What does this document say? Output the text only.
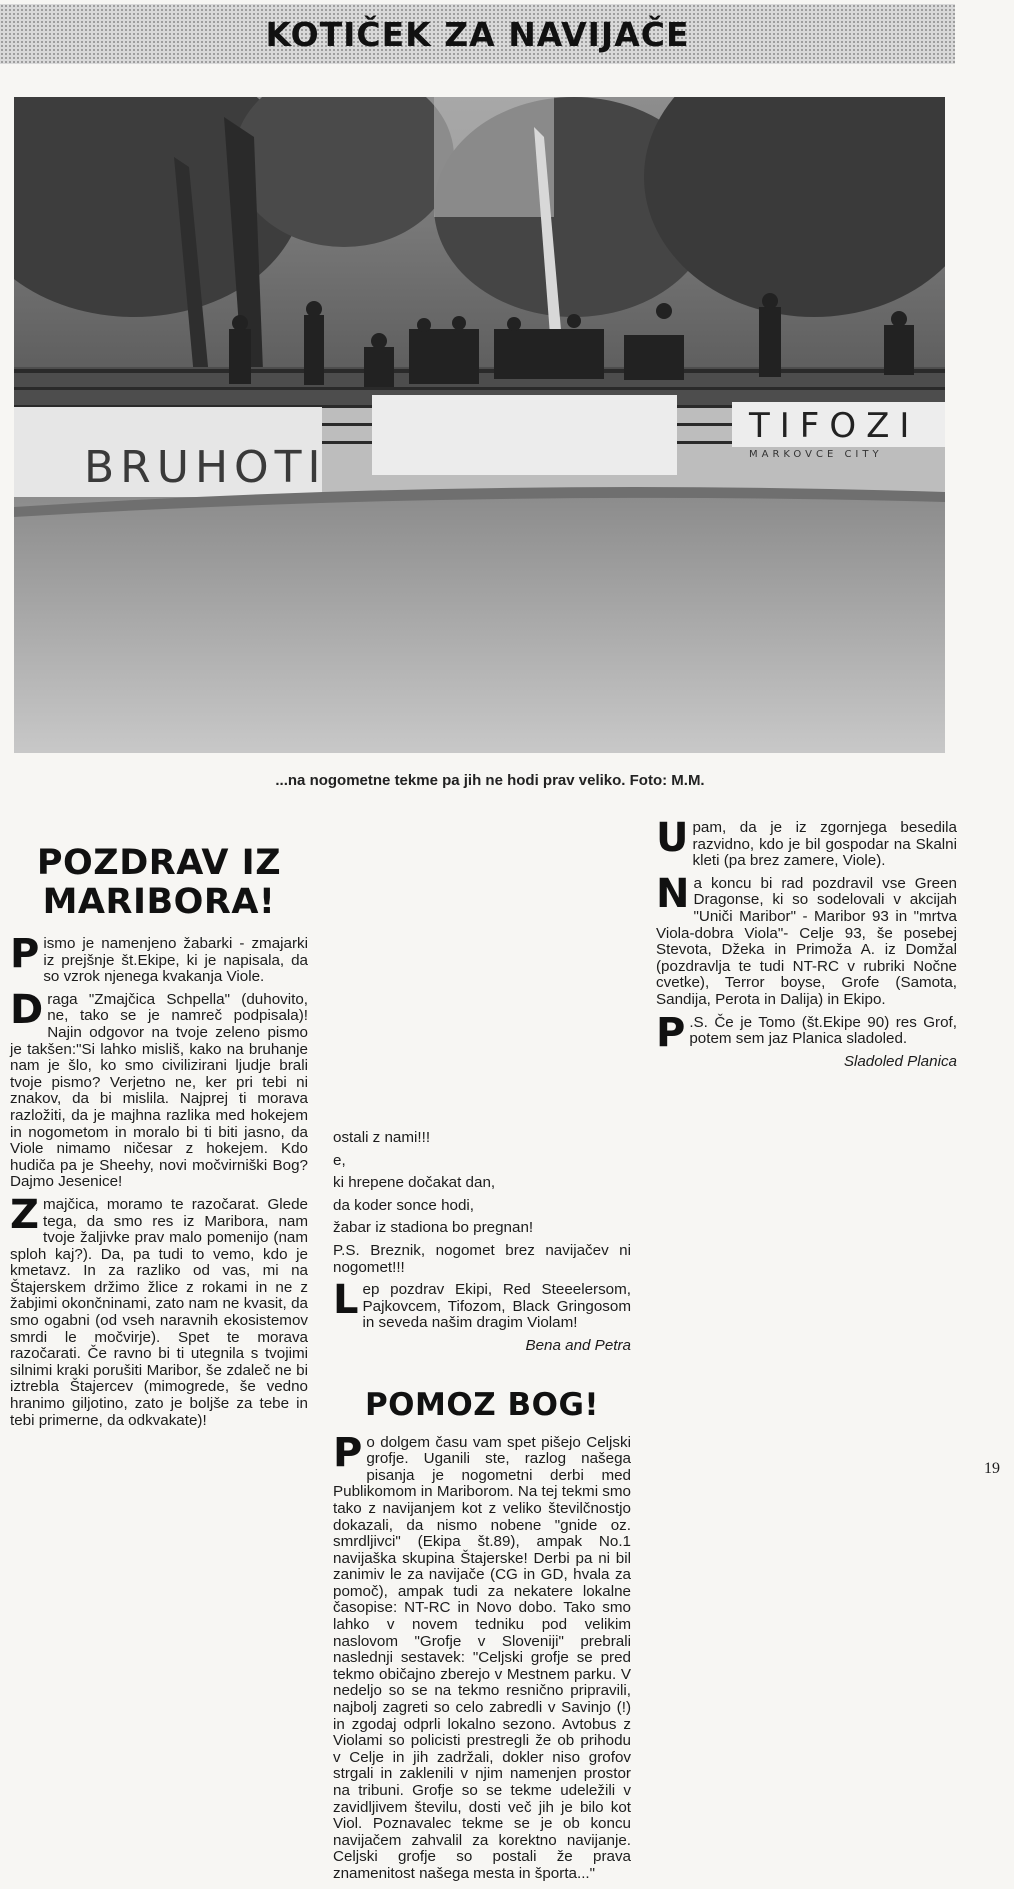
KOTIČEK ZA NAVIJAČE
BRUHOTI
TIFOZI
MARKOVCE CITY
...na nogometne tekme pa jih ne hodi prav veliko. Foto: M.M.
POZDRAV IZ MARIBORA!

Pismo je namenjeno žabarki - zmajarki iz prejšnje št.Ekipe, ki je napisala, da so vzrok njenega kvakanja Viole.

Draga "Zmajčica Schpella" (duhovito, ne, tako se je namreč podpisala)! Najin odgovor na tvoje zeleno pismo je takšen:"Si lahko misliš, kako na bruhanje nam je šlo, ko smo civilizirani ljudje brali tvoje pismo? Verjetno ne, ker pri tebi ni znakov, da bi mislila. Najprej ti morava razložiti, da je majhna razlika med hokejem in nogometom in moralo bi ti biti jasno, da Viole nimamo ničesar z hokejem. Kdo hudiča pa je Sheehy, novi močvirniški Bog? Dajmo Jesenice!

Zmajčica, moramo te razočarat. Glede tega, da smo res iz Maribora, nam tvoje žaljivke prav malo pomenijo (nam sploh kaj?). Da, pa tudi to vemo, kdo je kmetavz. In za razliko od vas, mi na Štajerskem držimo žlice z rokami in ne z žabjimi okončninami, zato nam ne kvasit, da smo ogabni (od vseh naravnih ekosistemov smrdi le močvirje). Spet te morava razočarati. Če ravno bi ti utegnila s tvojimi silnimi kraki porušiti Maribor, še zdaleč ne bi iztrebla Štajercev (mimogrede, še vedno hranimo giljotino, zato je boljše za tebe in tebi primerne, da odkvakate)!

ostali z nami!!!

e,

ki hrepene dočakat dan,

da koder sonce hodi,

žabar iz stadiona bo pregnan!

P.S. Breznik, nogomet brez navijačev ni nogomet!!!

Lep pozdrav Ekipi, Red Steeelersom, Pajkovcem, Tifozom, Black Gringosom in seveda našim dragim Violam!

Bena and Petra

POMOZ BOG!

Po dolgem času vam spet pišejo Celjski grofje. Uganili ste, razlog našega pisanja je nogometni derbi med Publikomom in Mariborom. Na tej tekmi smo tako z navijanjem kot z veliko številčnostjo dokazali, da nismo nobene "gnide oz. smrdljivci" (Ekipa št.89), ampak No.1 navijaška skupina Štajerske! Derbi pa ni bil zanimiv le za navijače (CG in GD, hvala za pomoč), ampak tudi za nekatere lokalne časopise: NT-RC in Novo dobo. Tako smo lahko v novem tedniku pod velikim naslovom "Grofje v Sloveniji" prebrali naslednji sestavek: "Celjski grofje se pred tekmo običajno zberejo v Mestnem parku. V nedeljo so se na tekmo resnično pripravili, najbolj zagreti so celo zabredli v Savinjo (!) in zgodaj odprli lokalno sezono. Avtobus z Violami so policisti prestregli že ob prihodu v Celje in jih zadržali, dokler niso grofov strgali in zaklenili v njim namenjen prostor na tribuni. Grofje so se tekme udeležili v zavidljivem številu, dosti več jih je bilo kot Viol. Poznavalec tekme se je ob koncu navijačem zahvalil za korektno navijanje. Celjski grofje so postali že prava znamenitost našega mesta in športa..."

Upam, da je iz zgornjega besedila razvidno, kdo je bil gospodar na Skalni kleti (pa brez zamere, Viole).

Na koncu bi rad pozdravil vse Green Dragonse, ki so sodelovali v akcijah "Uniči Maribor" - Maribor 93 in "mrtva Viola-dobra Viola"- Celje 93, še posebej Stevota, Džeka in Primoža A. iz Domžal (pozdravlja te tudi NT-RC v rubriki Nočne cvetke), Terror boyse, Grofe (Samota, Sandija, Perota in Dalija) in Ekipo.

P .S. Če je Tomo (št.Ekipe 90) res Grof, potem sem jaz Planica sladoled.

Sladoled Planica

19
